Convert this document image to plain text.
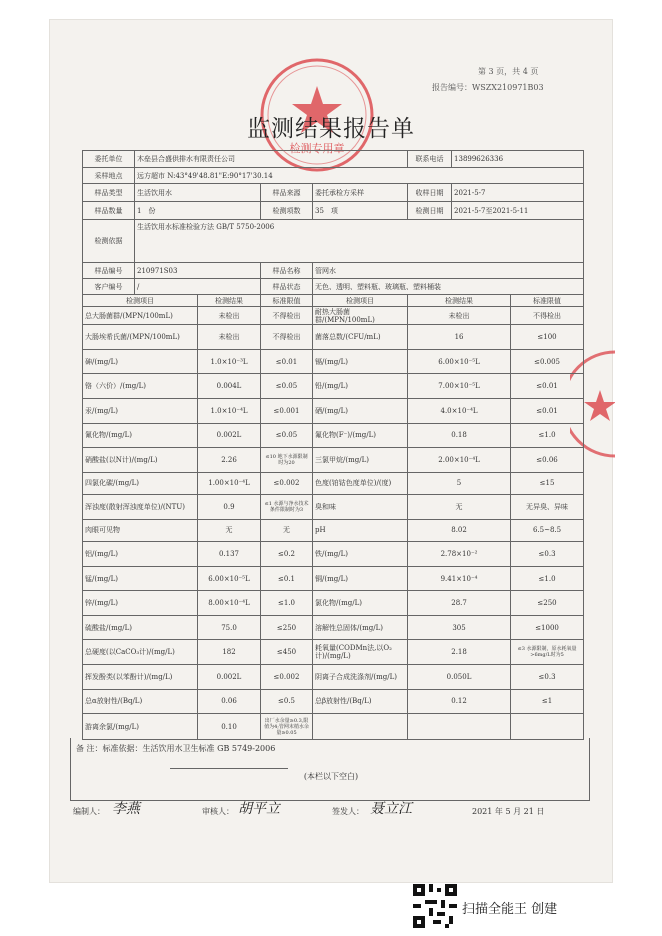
第 3 页，共 4 页
报告编号：WSZX210971B03
检测专用章
监测结果报告单
委托单位	木垒县合盛供排水有限责任公司				联系电话	13899626336	
采样地点	远方超市 N:43°49'48.81"E:90°17'30.14						
样品类型	生活饮用水		样品来源	委托承检方采样	收样日期	2021-5-7	
样品数量	1　份		检测项数	35　项	检测日期	2021-5-7至2021-5-11	
检测依据	生活饮用水标准检验方法 GB/T 5750-2006						
样品编号	210971S03		样品名称	管网水			
客户编号	/		样品状态	无色、透明、塑料瓶、玻璃瓶、塑料桶装			
检测项目		检测结果	标准限值	检测项目	检测结果		标准限值
总大肠菌群/(MPN/100mL)		未检出	不得检出	耐热大肠菌群/(MPN/100mL)	未检出		不得检出
大肠埃希氏菌/(MPN/100mL)		未检出	不得检出	菌落总数/(CFU/mL)	16		≤100
砷/(mg/L)		1.0×10⁻³L	≤0.01	镉/(mg/L)	6.00×10⁻⁵L		≤0.005
铬（六价）/(mg/L)		0.004L	≤0.05	铅/(mg/L)	7.00×10⁻⁵L		≤0.01
汞/(mg/L)		1.0×10⁻⁴L	≤0.001	硒/(mg/L)	4.0×10⁻⁴L		≤0.01
氰化物/(mg/L)		0.002L	≤0.05	氟化物(F⁻)/(mg/L)	0.18		≤1.0
硝酸盐(以N计)/(mg/L)		2.26	≤10 地下水源限制时为20	三氯甲烷/(mg/L)	2.00×10⁻⁴L		≤0.06
四氯化碳/(mg/L)		1.00×10⁻⁴L	≤0.002	色度(铂钴色度单位)/(度)	5		≤15
浑浊度(散射浑浊度单位)/(NTU)		0.9	≤1 水源与净水技术条件限制时为3	臭和味	无		无异臭、异味
肉眼可见物		无	无	pH	8.02		6.5~8.5
铝/(mg/L)		0.137	≤0.2	铁/(mg/L)	2.78×10⁻²		≤0.3
锰/(mg/L)		6.00×10⁻⁵L	≤0.1	铜/(mg/L)	9.41×10⁻⁴		≤1.0
锌/(mg/L)		8.00×10⁻⁴L	≤1.0	氯化物/(mg/L)	28.7		≤250
硫酸盐/(mg/L)		75.0	≤250	溶解性总固体/(mg/L)	305		≤1000
总硬度(以CaCO₃计)/(mg/L)		182	≤450	耗氧量(CODMn法,以O₂计)/(mg/L)	2.18		≤3 水源限制，原水耗氧量>6mg/L时为5
挥发酚类(以苯酚计)/(mg/L)		0.002L	≤0.002	阴离子合成洗涤剂/(mg/L)	0.050L		≤0.3
总α放射性/(Bq/L)		0.06	≤0.5	总β放射性/(Bq/L)	0.12		≤1
游离余氯/(mg/L)		0.10	出厂水余量≥0.3,限值为4;管网末梢水余量≥0.05				
备 注：标准依据：生活饮用水卫生标准 GB 5749-2006
(本栏以下空白)
编制人： 李燕	审核人： 胡平立	签发人： 聂立江	2021 年 5 月 21 日
扫描全能王 创建
